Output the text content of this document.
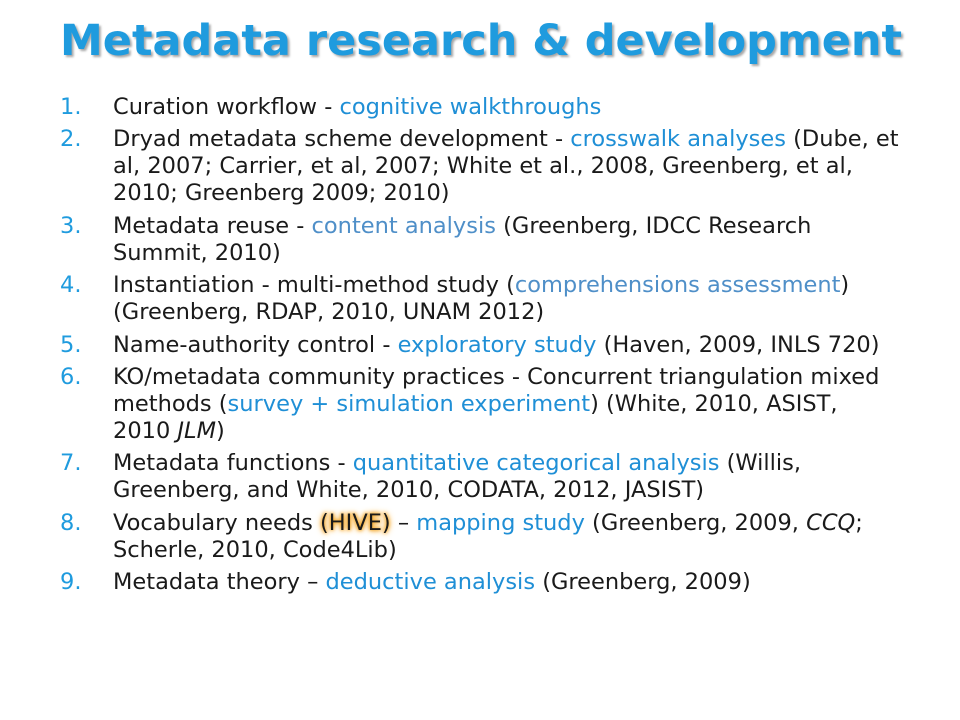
Metadata research & development
1. Curation workflow - cognitive walkthroughs
2. Dryad metadata scheme development - crosswalk analyses (Dube, et al, 2007; Carrier, et al, 2007; White et al., 2008, Greenberg, et al, 2010; Greenberg 2009; 2010)
3. Metadata reuse - content analysis (Greenberg, IDCC Research Summit, 2010)
4. Instantiation - multi-method study (comprehensions assessment) (Greenberg, RDAP, 2010, UNAM 2012)
5. Name-authority control - exploratory study (Haven, 2009, INLS 720)
6. KO/metadata community practices - Concurrent triangulation mixed methods (survey + simulation experiment) (White, 2010, ASIST, 2010 JLM)
7. Metadata functions - quantitative categorical analysis (Willis, Greenberg, and White, 2010, CODATA, 2012, JASIST)
8. Vocabulary needs (HIVE) – mapping study (Greenberg, 2009, CCQ; Scherle, 2010, Code4Lib)
9. Metadata theory – deductive analysis (Greenberg, 2009)
